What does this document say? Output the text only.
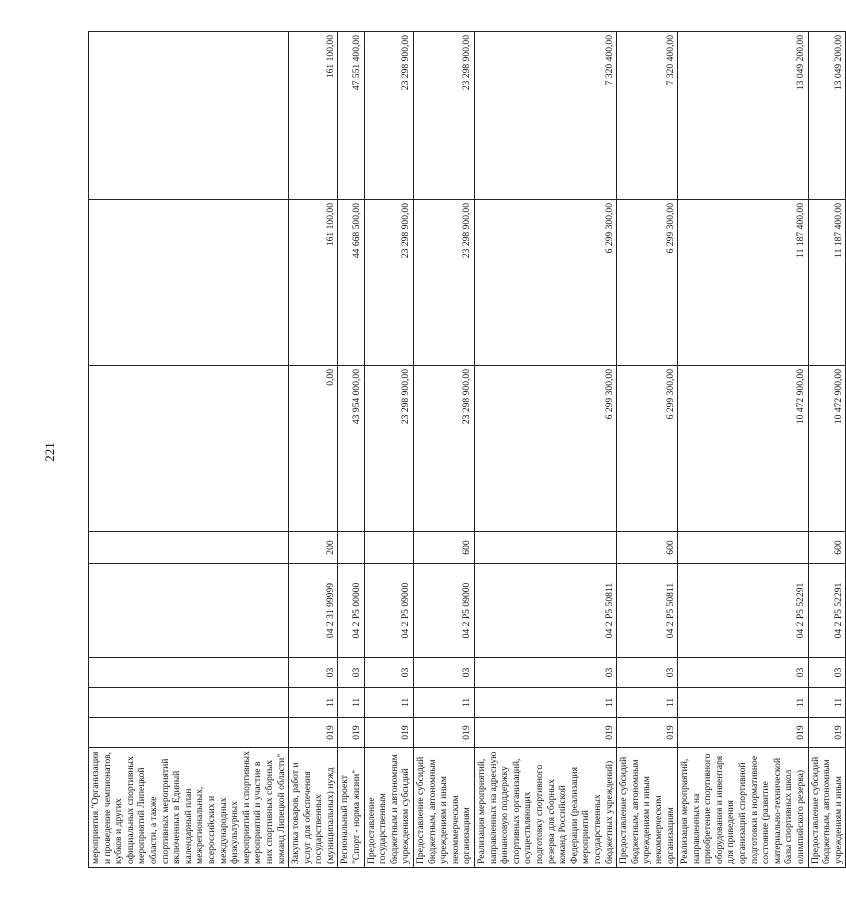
221
мероприятия "Организация и проведение чемпионатов, кубков и других официальных спортивных мероприятий Липецкой области, а также спортивных мероприятий включенных в Единый календарный план межрегиональных, всероссийских и международных физкультурных мероприятий и спортивных мероприятий и участие в них спортивных сборных команд Липецкой области"								
Закупка товаров, работ и услуг для обеспечения государственных (муниципальных) нужд	019	11	03	04 2 31 99999	200	0,00	161 100,00	161 100,00
Региональный проект "Спорт - норма жизни"	019	11	03	04 2 P5 00000		43 954 000,00	44 668 500,00	47 551 400,00
Предоставление государственным бюджетным и автономным учреждениям субсидий	019	11	03	04 2 P5 09000		23 298 900,00	23 298 900,00	23 298 900,00
Предоставление субсидий бюджетным, автономным учреждениям и иным некоммерческим организациям	019	11	03	04 2 P5 09000	600	23 298 900,00	23 298 900,00	23 298 900,00
Реализация мероприятий, направленных на адресную финансовую поддержку спортивных организаций, осуществляющих подготовку спортивного резерва для сборных команд Российской Федерации (реализация мероприятий государственных бюджетных учреждений)	019	11	03	04 2 P5 50811		6 299 300,00	6 299 300,00	7 320 400,00
Предоставление субсидий бюджетным, автономным учреждениям и иным некоммерческим организациям	019	11	03	04 2 P5 50811	600	6 299 300,00	6 299 300,00	7 320 400,00
Реализация мероприятий, направленных на приобретение спортивного оборудования и инвентаря для приведения организаций спортивной подготовки в нормативное состояние (развитие материально-технической базы спортивных школ олимпийского резерва)	019	11	03	04 2 P5 52291		10 472 900,00	11 187 400,00	13 049 200,00
Предоставление субсидий бюджетным, автономным учреждениям и иным	019	11	03	04 2 P5 52291	600	10 472 900,00	11 187 400,00	13 049 200,00
